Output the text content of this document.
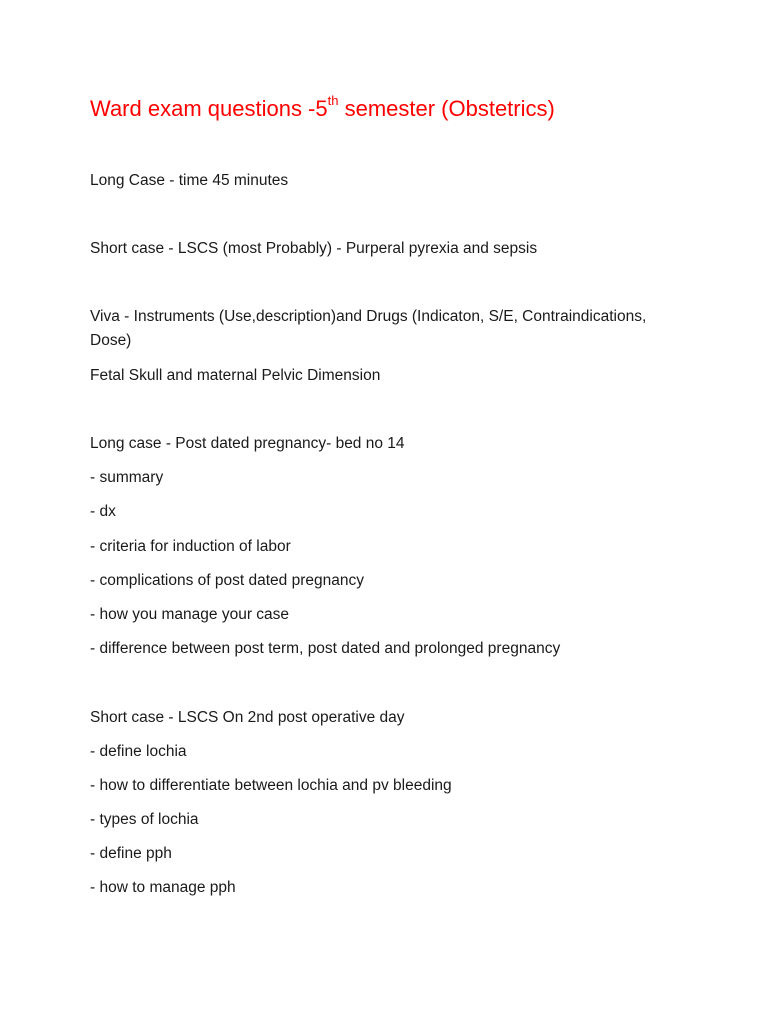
Ward exam questions -5th semester (Obstetrics)
Long Case - time 45 minutes
Short case - LSCS (most Probably) - Purperal pyrexia and sepsis
Viva - Instruments (Use,description)and Drugs (Indicaton, S/E, Contraindications, Dose)
Fetal Skull and maternal Pelvic Dimension
Long case - Post dated pregnancy- bed no 14
- summary
- dx
- criteria for induction of labor
- complications of post dated pregnancy
- how you manage your case
- difference between post term, post dated and prolonged pregnancy
Short case - LSCS On 2nd post operative day
- define lochia
- how to differentiate between lochia and pv bleeding
- types of lochia
- define pph
- how to manage pph
